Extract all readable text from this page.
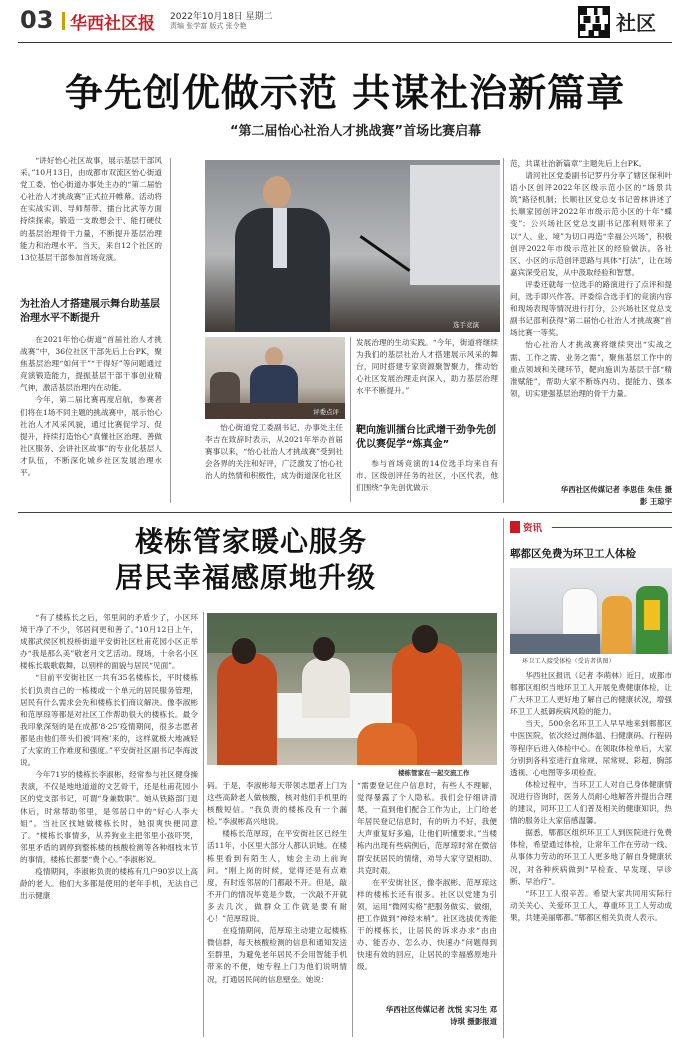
03 华西社区报 2022年10月18日 星期二
责编 张学富 版式 张令艳	社区
争先创优做示范 共谋社治新篇章
“第二届怡心社治人才挑战赛”首场比赛启幕

“讲好怡心社区故事，展示基层干部风采。”10月13日，由成都市双流区怡心街道党工委、怡心街道办事处主办的“第二届怡心社治人才挑战赛”正式拉开帷幕。活动将在实战实训、导师帮带、擂台比武等方面持续探索，锻造一支敢想会干、能打硬仗的基层治理骨干力量，不断提升基层治理能力和治理水平。当天，来自12个社区的13位基层干部参加首场竞演。

为社治人才搭建展示舞台助基层治理水平不断提升

在2021年怡心街道“首届社治人才挑战赛”中，36位社区干部先后上台PK，聚焦基层治理“如何干”“干得好”等问题通过竞演锻造能力，提振基层干部干事创业精气神，激活基层治理内在动能。

今年，第二届比赛再度启航，参赛者们将在1场不同主题的挑战赛中，展示怡心社治人才风采风貌，通过比赛促学习、促提升，持续打造怡心“真懂社区治理、善做社区服务、会讲社区故事”的专业化基层人才队伍，不断深化城乡社区发展治理水平。

选手竞演
评委点评

怡心街道党工委副书记、办事处主任李吉在致辞时表示，从2021年举办首届赛事以来，“怡心社治人才挑战赛”受到社会各界的关注和好评，广泛激发了怡心社治人的热情和积极性，成为街道深化社区

发展治理的生动实践。“今年，街道将继续为我们的基层社治人才搭建展示风采的舞台，同时搭建专家资源聚智聚力，推动怡心社区发展治理走向深入，助力基层治理水平不断提升。”

靶向施训擂台比武增干劲争先创优以赛促学“炼真金”

参与首场竞演的14位选手均来自有市、区级创评任务的社区，小区代表，他们围绕“争先创优做示

范，共谋社治新篇章”主题先后上台PK。

请河社区党委副书记罗丹分享了辖区保利叶语小区创评2022年区级示范小区的“场景共筑”路径机制；长顺社区党总支书记曾林讲述了长顺家园创评2022年市级示范小区的十年“蝶变”；公兴场社区党总支副书记邵利则带来了以“人、业、境”为切口再造“幸福公兴场”，积极创评2022年市级示范社区的经验做法。各社区、小区的示范创评思路与具体“打法”，让在场嘉宾深受启发，从中汲取经验和智慧。

评委还就每一位选手的路演进行了点评和提问，选手即兴作答。评委综合选手们的竞演内容和现场表现等情况进行打分，公兴场社区党总支副书记邵利获得“第二届怡心社治人才挑战赛”首场比赛一等奖。

怡心社治人才挑战赛将继续突出“实战之需、工作之需、业务之需”，聚焦基层工作中的重点领域和关键环节，靶向施训为基层干部“精准赋能”，帮助大家不断练内功、提能力、强本领，切实建强基层治理的骨干力量。

华西社区传媒记者 李思佳 朱佳 摄影 王琼宇
楼栋管家暖心服务
居民幸福感原地升级

“有了楼栋长之后，邻里间的矛盾少了，小区环境干净了不少，邻居间更和善了。”10月12日上午，成都武侯区机投桥街道平安街社区杜甫花园小区正举办“我是那么美”敬老月文艺活动。现场，十余名小区楼栋长载歌载舞，以别样的面貌与居民“见面”。

“目前平安街社区一共有35名楼栋长，平时楼栋长们负责自己的一栋楼或一个单元的居民服务管理，居民有什么需求会先和楼栋长们商议解决。像李淑彬和范厚琼等都是对社区工作帮助很大的楼栋长。最令我印象深刻的是在成都‘8·25’疫情期间，很多志愿者都是由他们带头们被‘同袍’来的，这样就极大地减轻了大家的工作难度和强度。”平安街社区副书记李海波说。

今年71岁的楼栋长李淑彬，经常参与社区健身操表演，不仅是地地道道的文艺骨干，还是杜甫花园小区的党支部书记，可谓“身兼数职”。她从铁路部门退休后，时常帮助邻里，是邻居口中的“好心人李大姐”。当社区找她做楼栋长时，她很爽快便同意了。“楼栋长事情多，从养狗业主把邻里小孩吓哭，邻里矛盾的调停到整栋楼的核酸检测等各种细枝末节的事情，楼栋长都要“费个心。”李淑彬说。

疫情期间，李淑彬负责的楼栋有几户90岁以上高龄的老人。他们大多都是使用的老年手机，无法自己出示健康

楼栋管家在一起交流工作

码。于是，李淑彬每天带领志愿者上门为这些高龄老人做核酸，核对他们手机里的核酸短信。“我负责的楼栋没有一个漏检。”李淑彬高兴地说。

楼栋长范厚琼，在平安街社区已经生活11年，小区里大部分人都认识她。在楼栋里看到有陌生人，她会主动上前询问。“刚上岗的时候，觉得还是有点难度，有时连邻居的门都敲不开。但是，敲不开门的情况毕竟是少数，一次敲不开就多去几次，做群众工作就是要有耐心！”范厚琼说。

在疫情期间，范厚琼主动建立起楼栋微信群，每天核酸检测的信息和通知发送至群里，为避免老年居民不会用智能手机带来的不便，她专程上门为他们说明情况，打通居民间的信息壁垒。她说：

“需要登记住户信息时，有些人不理解，觉得暴露了个人隐私。我们会仔细讲清楚，一直到他们配合工作为止，上门给老年居民登记信息时，有的听力不好，我便大声重复好多遍，让他们听懂要求。”当楼栋内出现有些病例后，范厚琼时常在微信群安抚居民的情绪，劝导大家守望相助、共克时艰。

在平安街社区，像李淑彬、范厚琼这样的楼栋长还有很多。社区以党建为引领，运用“微网实格”把服务做实、做细，把工作做到“神经末梢”。社区选拔优秀能干的楼栋长，让居民的诉求办求“由由办、能否办、怎么办、快速办”问题得到快速有效的回应，让居民的幸福感原地升级。

华西社区传媒记者 沈悦 实习生 邓诗琪 摄影报道
资讯
郫都区免费为环卫工人体检
环卫工人接受体检（受访者供图）

华西社区报讯（记者 李萌林）近日，成都市郫都区组织当地环卫工人开展免费健康体检，让广大环卫工人更好地了解自己的健康状况，增强环卫工人抵御疾病风险的能力。

当天，500余名环卫工人早早地来到郫都区中医医院，依次经过测体温、扫健康码、行程码等程序后进入体检中心。在领取体检单后，大家分别到各科室进行血常规、尿常规、彩超、胸部透视、心电图等多项检查。

体检过程中，当环卫工人对自己身体健康情况进行咨询时，医务人员耐心地解答并提出合理的建议，同环卫工人们普及相关的健康知识，热情的服务让大家倍感温馨。

据悉，郫都区组织环卫工人到医院进行免费体检，希望通过体检，让常年工作在劳动一线、从事体力劳动的环卫工人更多地了解自身健康状况，对各种疾病做到“早检查、早发现、早诊断、早治疗”。

“环卫工人很辛苦。希望大家共同用实际行动关关心、关爱环卫工人，尊重环卫工人劳动成果，共建美丽郫都。”郫都区相关负责人表示。
